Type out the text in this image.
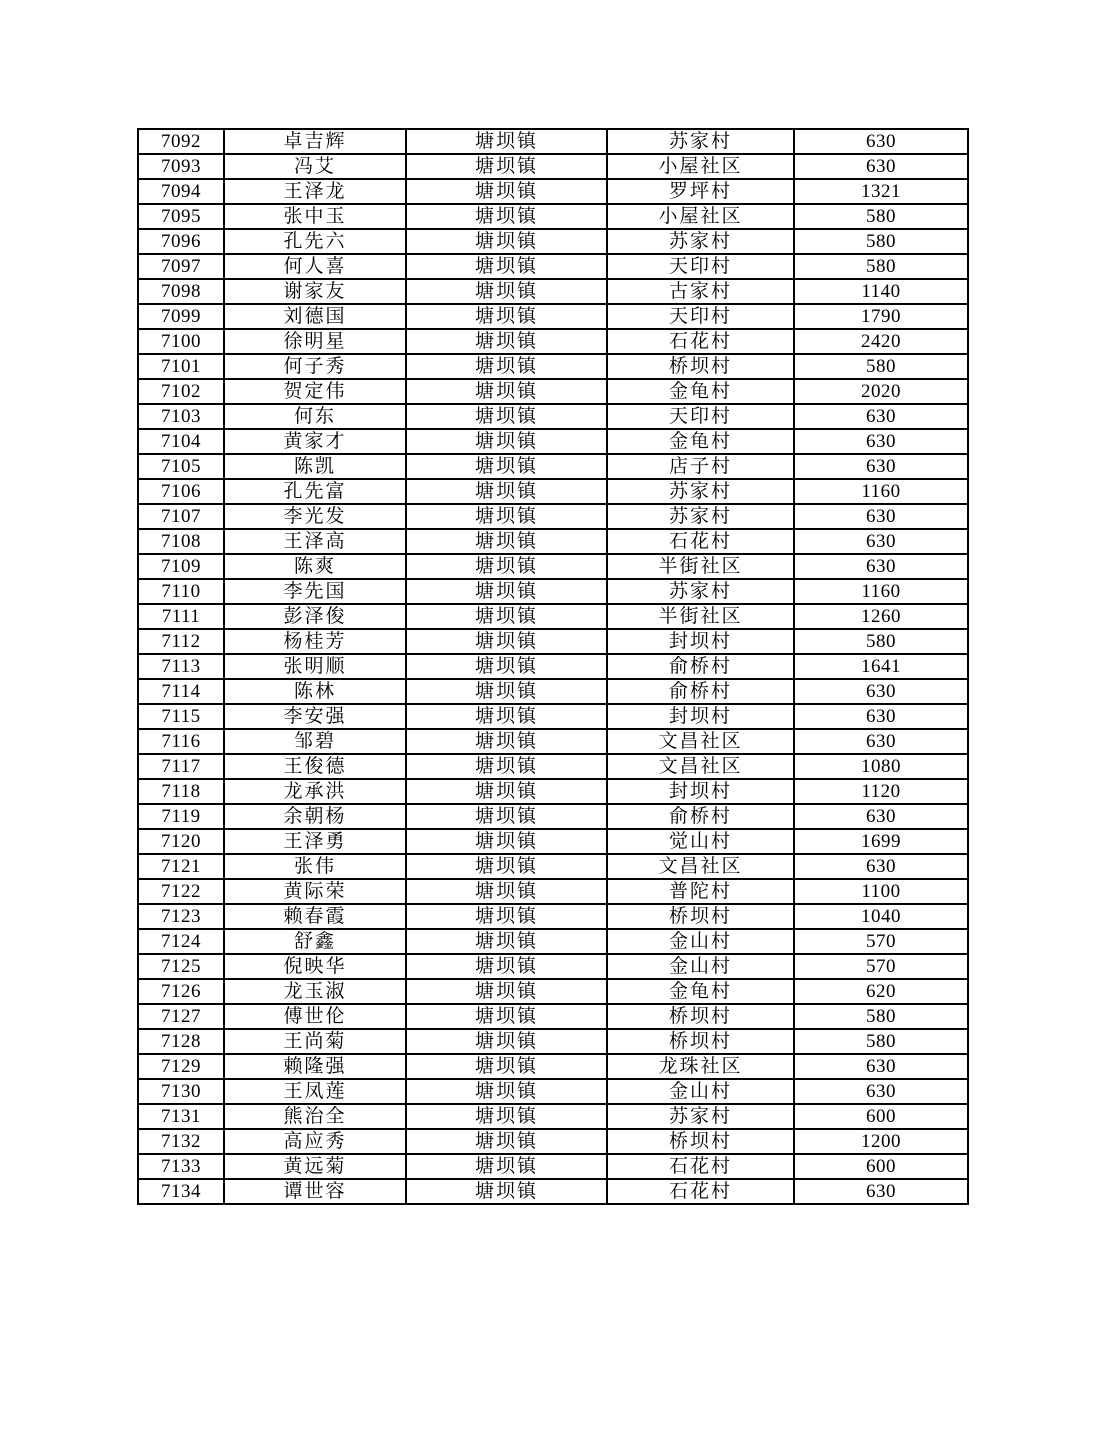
7092	卓吉辉	塘坝镇	苏家村	630
7093	冯艾	塘坝镇	小屋社区	630
7094	王泽龙	塘坝镇	罗坪村	1321
7095	张中玉	塘坝镇	小屋社区	580
7096	孔先六	塘坝镇	苏家村	580
7097	何人喜	塘坝镇	天印村	580
7098	谢家友	塘坝镇	古家村	1140
7099	刘德国	塘坝镇	天印村	1790
7100	徐明星	塘坝镇	石花村	2420
7101	何子秀	塘坝镇	桥坝村	580
7102	贺定伟	塘坝镇	金龟村	2020
7103	何东	塘坝镇	天印村	630
7104	黄家才	塘坝镇	金龟村	630
7105	陈凯	塘坝镇	店子村	630
7106	孔先富	塘坝镇	苏家村	1160
7107	李光发	塘坝镇	苏家村	630
7108	王泽高	塘坝镇	石花村	630
7109	陈爽	塘坝镇	半街社区	630
7110	李先国	塘坝镇	苏家村	1160
7111	彭泽俊	塘坝镇	半街社区	1260
7112	杨桂芳	塘坝镇	封坝村	580
7113	张明顺	塘坝镇	俞桥村	1641
7114	陈林	塘坝镇	俞桥村	630
7115	李安强	塘坝镇	封坝村	630
7116	邹碧	塘坝镇	文昌社区	630
7117	王俊德	塘坝镇	文昌社区	1080
7118	龙承洪	塘坝镇	封坝村	1120
7119	余朝杨	塘坝镇	俞桥村	630
7120	王泽勇	塘坝镇	觉山村	1699
7121	张伟	塘坝镇	文昌社区	630
7122	黄际荣	塘坝镇	普陀村	1100
7123	赖春霞	塘坝镇	桥坝村	1040
7124	舒鑫	塘坝镇	金山村	570
7125	倪映华	塘坝镇	金山村	570
7126	龙玉淑	塘坝镇	金龟村	620
7127	傅世伦	塘坝镇	桥坝村	580
7128	王尚菊	塘坝镇	桥坝村	580
7129	赖隆强	塘坝镇	龙珠社区	630
7130	王凤莲	塘坝镇	金山村	630
7131	熊治全	塘坝镇	苏家村	600
7132	高应秀	塘坝镇	桥坝村	1200
7133	黄远菊	塘坝镇	石花村	600
7134	谭世容	塘坝镇	石花村	630
